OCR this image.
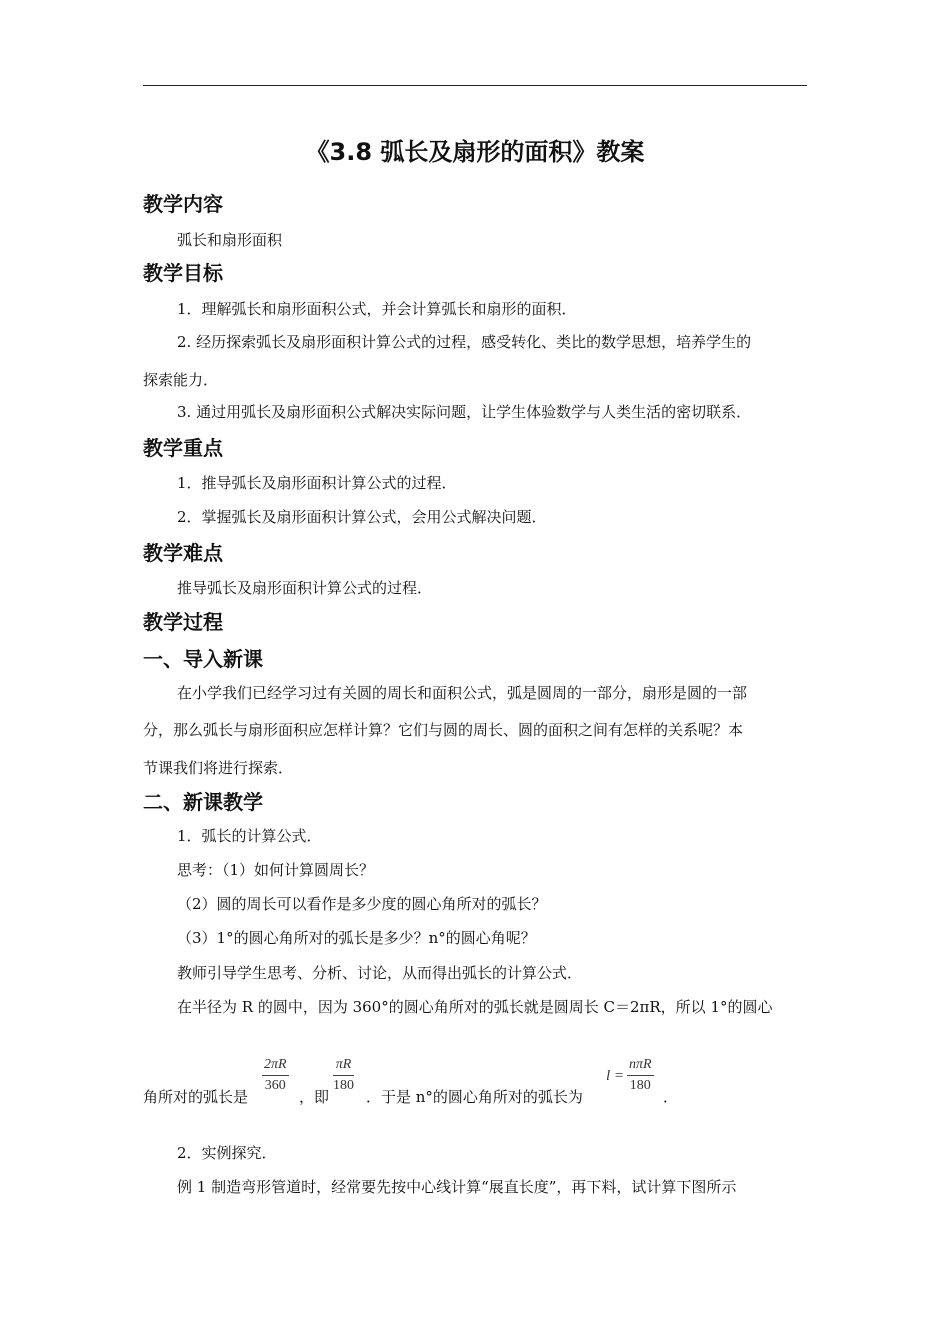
《3.8 弧长及扇形的面积》教案
教学内容
弧长和扇形面积
教学目标
1．理解弧长和扇形面积公式，并会计算弧长和扇形的面积．
2. 经历探索弧长及扇形面积计算公式的过程，感受转化、类比的数学思想，培养学生的
探索能力．
3. 通过用弧长及扇形面积公式解决实际问题，让学生体验数学与人类生活的密切联系．
教学重点
1．推导弧长及扇形面积计算公式的过程．
2．掌握弧长及扇形面积计算公式，会用公式解决问题．
教学难点
推导弧长及扇形面积计算公式的过程．
教学过程
一、导入新课
在小学我们已经学习过有关圆的周长和面积公式，弧是圆周的一部分，扇形是圆的一部
分，那么弧长与扇形面积应怎样计算？它们与圆的周长、圆的面积之间有怎样的关系呢？本
节课我们将进行探索．
二、新课教学
1．弧长的计算公式．
思考：（1）如何计算圆周长？
（2）圆的周长可以看作是多少度的圆心角所对的弧长？
（3）1°的圆心角所对的弧长是多少？n°的圆心角呢？
教师引导学生思考、分析、讨论，从而得出弧长的计算公式．
在半径为 R 的圆中，因为 360°的圆心角所对的弧长就是圆周长 C＝2πR，所以 1°的圆心
角所对的弧长是
$\frac{2\pi R}{360}$
，即
$\frac{\pi R}{180}$
．于是 n°的圆心角所对的弧长为
l =
nπR
180
．
2．实例探究．
例 1 制造弯形管道时，经常要先按中心线计算“展直长度”，再下料，试计算下图所示
